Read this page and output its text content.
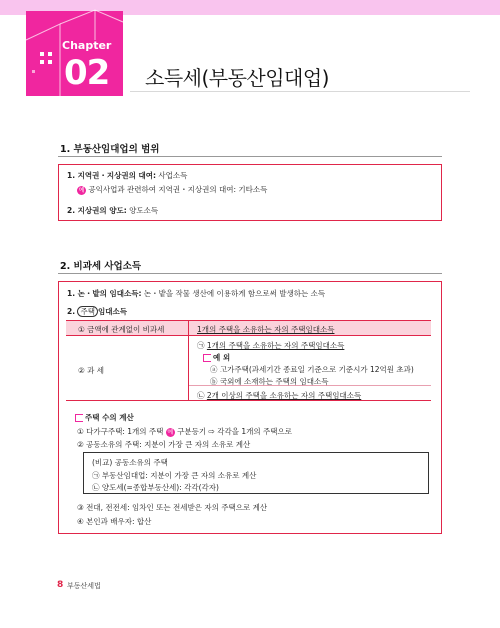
Chapter
02 소득세(부동산임대업)
1. 부동산임대업의 범위
1. 지역권・지상권의 대여: 사업소득
예 공익사업과 관련하여 지역권・지상권의 대여: 기타소득
2. 지상권의 양도: 양도소득
2. 비과세 사업소득
1. 논・밭의 임대소득: 논・밭을 작물 생산에 이용하게 함으로써 발생하는 소득
2. 주택 임대소득
① 금액에 관계없이 비과세	1개의 주택을 소유하는 자의 주택임대소득
② 과 세
㉠ 1개의 주택을 소유하는 자의 주택임대소득
예 외
ⓐ 고가주택(과세기간 종료일 기준으로 기준시가 12억원 초과)
ⓑ 국외에 소재하는 주택의 임대소득
㉡ 2개 이상의 주택을 소유하는 자의 주택임대소득
주택 수의 계산
① 다가구주택: 1개의 주택 예 구분등기 ⇨ 각각을 1개의 주택으로
② 공동소유의 주택: 지분이 가장 큰 자의 소유로 계산
(비교) 공동소유의 주택
㉠ 부동산임대업: 지분이 가장 큰 자의 소유로 계산
㉡ 양도세(=종합부동산세): 각각(각자)
③ 전대, 전전세: 임차인 또는 전세받은 자의 주택으로 계산
④ 본인과 배우자: 합산
8 부동산세법
